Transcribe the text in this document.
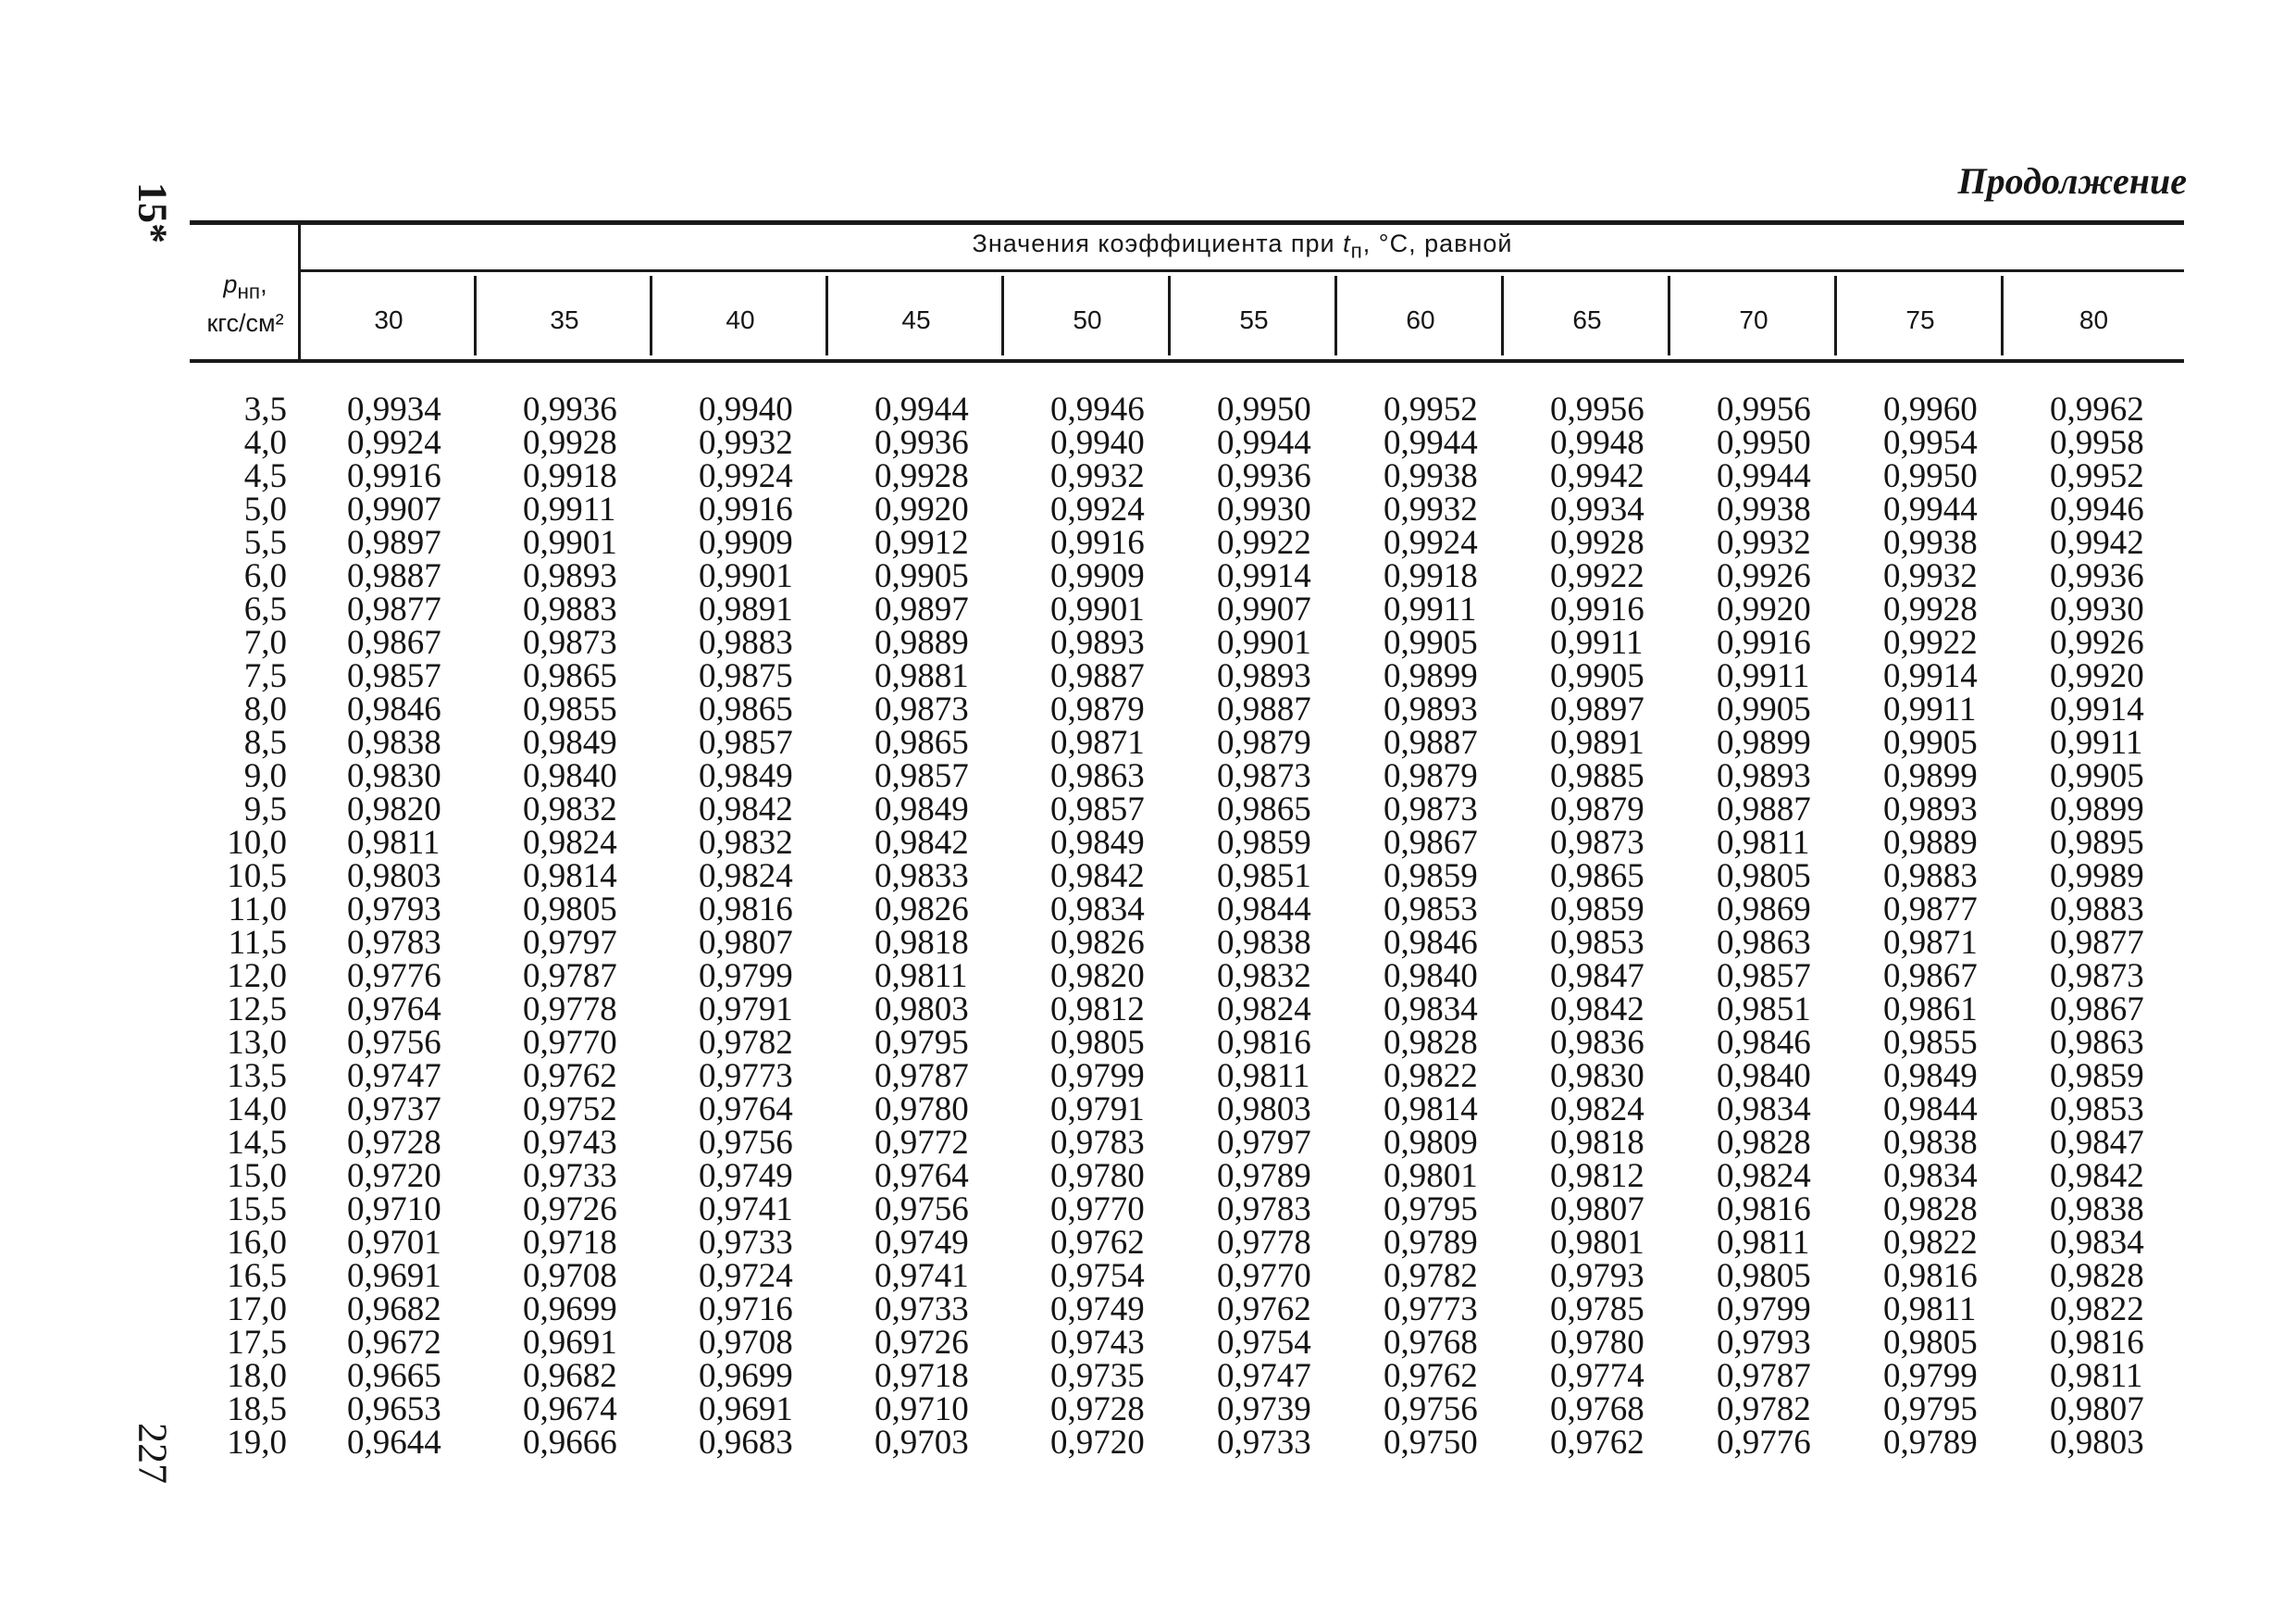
15*
227
Продолжение
$p_{нп}$,
кгс/см²
Значения коэффициента при $t_п$, °С, равной
30	35	40	45	50	55	60	65	70	75	80
3,5 0,9934 0,9936 0,9940 0,9944 0,9946 0,9950 0,9952 0,9956 0,9956 0,9960 0,9962
4,0 0,9924 0,9928 0,9932 0,9936 0,9940 0,9944 0,9944 0,9948 0,9950 0,9954 0,9958
4,5 0,9916 0,9918 0,9924 0,9928 0,9932 0,9936 0,9938 0,9942 0,9944 0,9950 0,9952
5,0 0,9907 0,9911 0,9916 0,9920 0,9924 0,9930 0,9932 0,9934 0,9938 0,9944 0,9946
5,5 0,9897 0,9901 0,9909 0,9912 0,9916 0,9922 0,9924 0,9928 0,9932 0,9938 0,9942
6,0 0,9887 0,9893 0,9901 0,9905 0,9909 0,9914 0,9918 0,9922 0,9926 0,9932 0,9936
6,5 0,9877 0,9883 0,9891 0,9897 0,9901 0,9907 0,9911 0,9916 0,9920 0,9928 0,9930
7,0 0,9867 0,9873 0,9883 0,9889 0,9893 0,9901 0,9905 0,9911 0,9916 0,9922 0,9926
7,5 0,9857 0,9865 0,9875 0,9881 0,9887 0,9893 0,9899 0,9905 0,9911 0,9914 0,9920
8,0 0,9846 0,9855 0,9865 0,9873 0,9879 0,9887 0,9893 0,9897 0,9905 0,9911 0,9914
8,5 0,9838 0,9849 0,9857 0,9865 0,9871 0,9879 0,9887 0,9891 0,9899 0,9905 0,9911
9,0 0,9830 0,9840 0,9849 0,9857 0,9863 0,9873 0,9879 0,9885 0,9893 0,9899 0,9905
9,5 0,9820 0,9832 0,9842 0,9849 0,9857 0,9865 0,9873 0,9879 0,9887 0,9893 0,9899
10,0 0,9811 0,9824 0,9832 0,9842 0,9849 0,9859 0,9867 0,9873 0,9811 0,9889 0,9895
10,5 0,9803 0,9814 0,9824 0,9833 0,9842 0,9851 0,9859 0,9865 0,9805 0,9883 0,9989
11,0 0,9793 0,9805 0,9816 0,9826 0,9834 0,9844 0,9853 0,9859 0,9869 0,9877 0,9883
11,5 0,9783 0,9797 0,9807 0,9818 0,9826 0,9838 0,9846 0,9853 0,9863 0,9871 0,9877
12,0 0,9776 0,9787 0,9799 0,9811 0,9820 0,9832 0,9840 0,9847 0,9857 0,9867 0,9873
12,5 0,9764 0,9778 0,9791 0,9803 0,9812 0,9824 0,9834 0,9842 0,9851 0,9861 0,9867
13,0 0,9756 0,9770 0,9782 0,9795 0,9805 0,9816 0,9828 0,9836 0,9846 0,9855 0,9863
13,5 0,9747 0,9762 0,9773 0,9787 0,9799 0,9811 0,9822 0,9830 0,9840 0,9849 0,9859
14,0 0,9737 0,9752 0,9764 0,9780 0,9791 0,9803 0,9814 0,9824 0,9834 0,9844 0,9853
14,5 0,9728 0,9743 0,9756 0,9772 0,9783 0,9797 0,9809 0,9818 0,9828 0,9838 0,9847
15,0 0,9720 0,9733 0,9749 0,9764 0,9780 0,9789 0,9801 0,9812 0,9824 0,9834 0,9842
15,5 0,9710 0,9726 0,9741 0,9756 0,9770 0,9783 0,9795 0,9807 0,9816 0,9828 0,9838
16,0 0,9701 0,9718 0,9733 0,9749 0,9762 0,9778 0,9789 0,9801 0,9811 0,9822 0,9834
16,5 0,9691 0,9708 0,9724 0,9741 0,9754 0,9770 0,9782 0,9793 0,9805 0,9816 0,9828
17,0 0,9682 0,9699 0,9716 0,9733 0,9749 0,9762 0,9773 0,9785 0,9799 0,9811 0,9822
17,5 0,9672 0,9691 0,9708 0,9726 0,9743 0,9754 0,9768 0,9780 0,9793 0,9805 0,9816
18,0 0,9665 0,9682 0,9699 0,9718 0,9735 0,9747 0,9762 0,9774 0,9787 0,9799 0,9811
18,5 0,9653 0,9674 0,9691 0,9710 0,9728 0,9739 0,9756 0,9768 0,9782 0,9795 0,9807
19,0 0,9644 0,9666 0,9683 0,9703 0,9720 0,9733 0,9750 0,9762 0,9776 0,9789 0,9803
